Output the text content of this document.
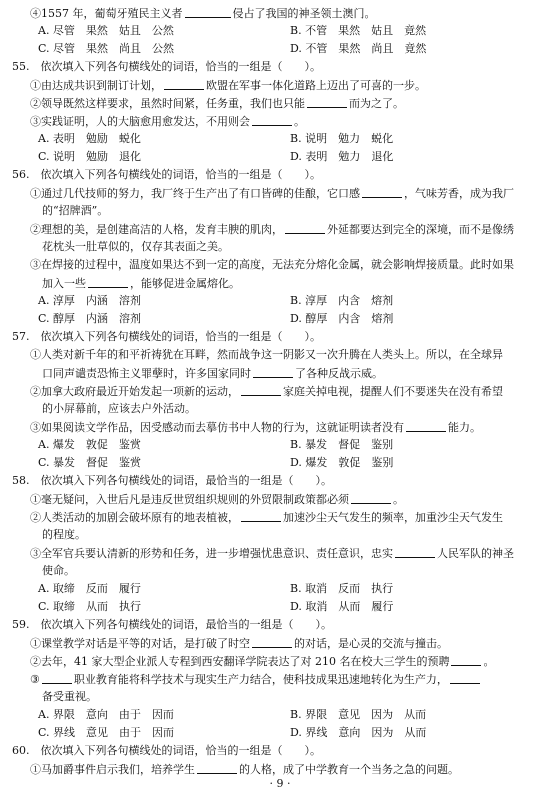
④1557 年，葡萄牙殖民主义者	侵占了我国的神圣领土澳门。
A. 尽管　果然　姑且　公然	B. 不管　果然　姑且　竟然
C. 尽管　果然　尚且　公然	D. 不管　果然　尚且　竟然
55.　依次填入下列各句横线处的词语，恰当的一组是（　　）。
①由达成共识到制订计划，	欧盟在军事一体化道路上迈出了可喜的一步。
②领导既然这样要求，虽然时间紧，任务重，我们也只能	而为之了。
③实践证明，人的大脑愈用愈发达，不用则会	。
A. 表明　勉励　蜕化	B. 说明　勉力　蜕化
C. 说明　勉励　退化	D. 表明　勉力　退化
56.　依次填入下列各句横线处的词语，恰当的一组是（　　）。
①通过几代技师的努力，我厂终于生产出了有口皆碑的佳酿，它口感	，气味芳香，成为我厂
的“招牌酒”。
②理想的美，是创建高洁的人格，发育丰腴的肌肉，	外延都要达到完全的深境，而不是像绣
花枕头一肚草似的，仅存其表面之美。
③在焊接的过程中，温度如果达不到一定的高度，无法充分熔化金属，就会影响焊接质量。此时如果
加入一些	，能够促进金属熔化。
A. 淳厚　内涵　溶剂	B. 淳厚　内含　熔剂
C. 醇厚　内涵　溶剂	D. 醇厚　内含　熔剂
57.　依次填入下列各句横线处的词语，恰当的一组是（　　）。
①人类对新千年的和平祈祷犹在耳畔，然而战争这一阴影又一次升腾在人类头上。所以，在全球异
口同声谴责恐怖主义罪孽时，许多国家同时	了各种反战示威。
②加拿大政府最近开始发起一项新的运动，	家庭关掉电视，提醒人们不要迷失在没有希望
的小屏幕前，应该去户外活动。
③如果阅读文学作品，因受感动而去摹仿书中人物的行为，这就证明读者没有	能力。
A. 爆发　敦促　鉴赏	B. 暴发　督促　鉴别
C. 暴发　督促　鉴赏	D. 爆发　敦促　鉴别
58.　依次填入下列各句横线处的词语，最恰当的一组是（　　）。
①毫无疑问，入世后凡是违反世贸组织规则的外贸限制政策都必须	。
②人类活动的加剧会破坏原有的地表植被，	加速沙尘天气发生的频率，加重沙尘天气发生
的程度。
③全军官兵要认清新的形势和任务，进一步增强忧患意识、责任意识，忠实	人民军队的神圣
使命。
A. 取缔　反而　履行	B. 取消　反而　执行
C. 取缔　从而　执行	D. 取消　从而　履行
59.　依次填入下列各句横线处的词语，最恰当的一组是（　　）。
①课堂教学对话是平等的对话，是打破了时空	的对话，是心灵的交流与撞击。
②去年，41 家大型企业派人专程到西安翻译学院表达了对 210 名在校大三学生的预聘	。
③	职业教育能将科学技术与现实生产力结合，使科技成果迅速地转化为生产力，
备受重视。
A. 界限　意向　由于　因而	B. 界限　意见　因为　从而
C. 界线　意见　由于　因而	D. 界线　意向　因为　从而
60.　依次填入下列各句横线处的词语，恰当的一组是（　　）。
①马加爵事件启示我们，培养学生	的人格，成了中学教育一个当务之急的问题。
· 9 ·
